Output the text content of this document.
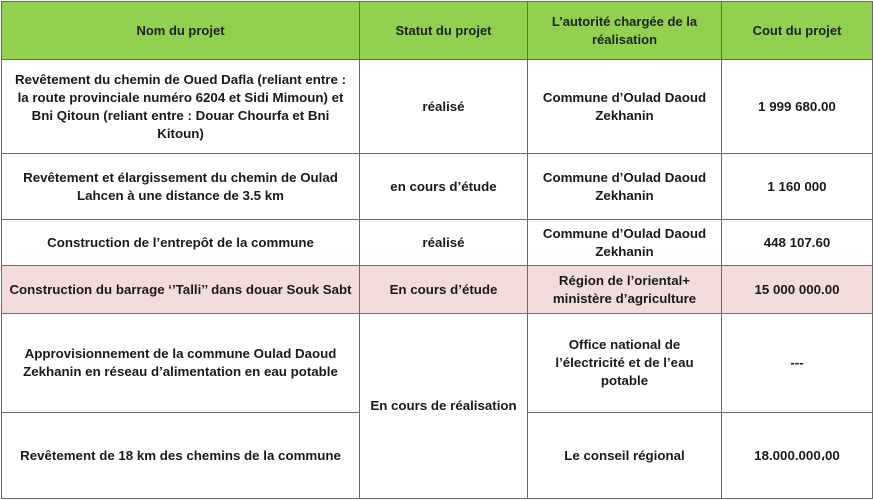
Nom du projet	Statut du projet	L’autorité chargée de la réalisation	Cout du projet
Revêtement du chemin de Oued Dafla (reliant entre : la route provinciale numéro 6204 et Sidi Mimoun) et Bni Qitoun (reliant entre : Douar Chourfa et Bni Kitoun)	réalisé	Commune d’Oulad Daoud Zekhanin	1 999 680.00
Revêtement et élargissement du chemin de Oulad Lahcen à une distance de 3.5 km	en cours d’étude	Commune d’Oulad Daoud Zekhanin	1 160 000
Construction de l’entrepôt de la commune	réalisé	Commune d’Oulad Daoud Zekhanin	448 107.60
Construction du barrage ‘’Talli’’ dans douar Souk Sabt	En cours d’étude	Région de l’oriental+ ministère d’agriculture	15 000 000.00
Approvisionnement de la commune Oulad Daoud Zekhanin en réseau d’alimentation en eau potable	En cours de réalisation	Office national de l’électricité et de l’eau potable	---
Revêtement de 18 km des chemins de la commune		Le conseil régional	18.000.000،00
